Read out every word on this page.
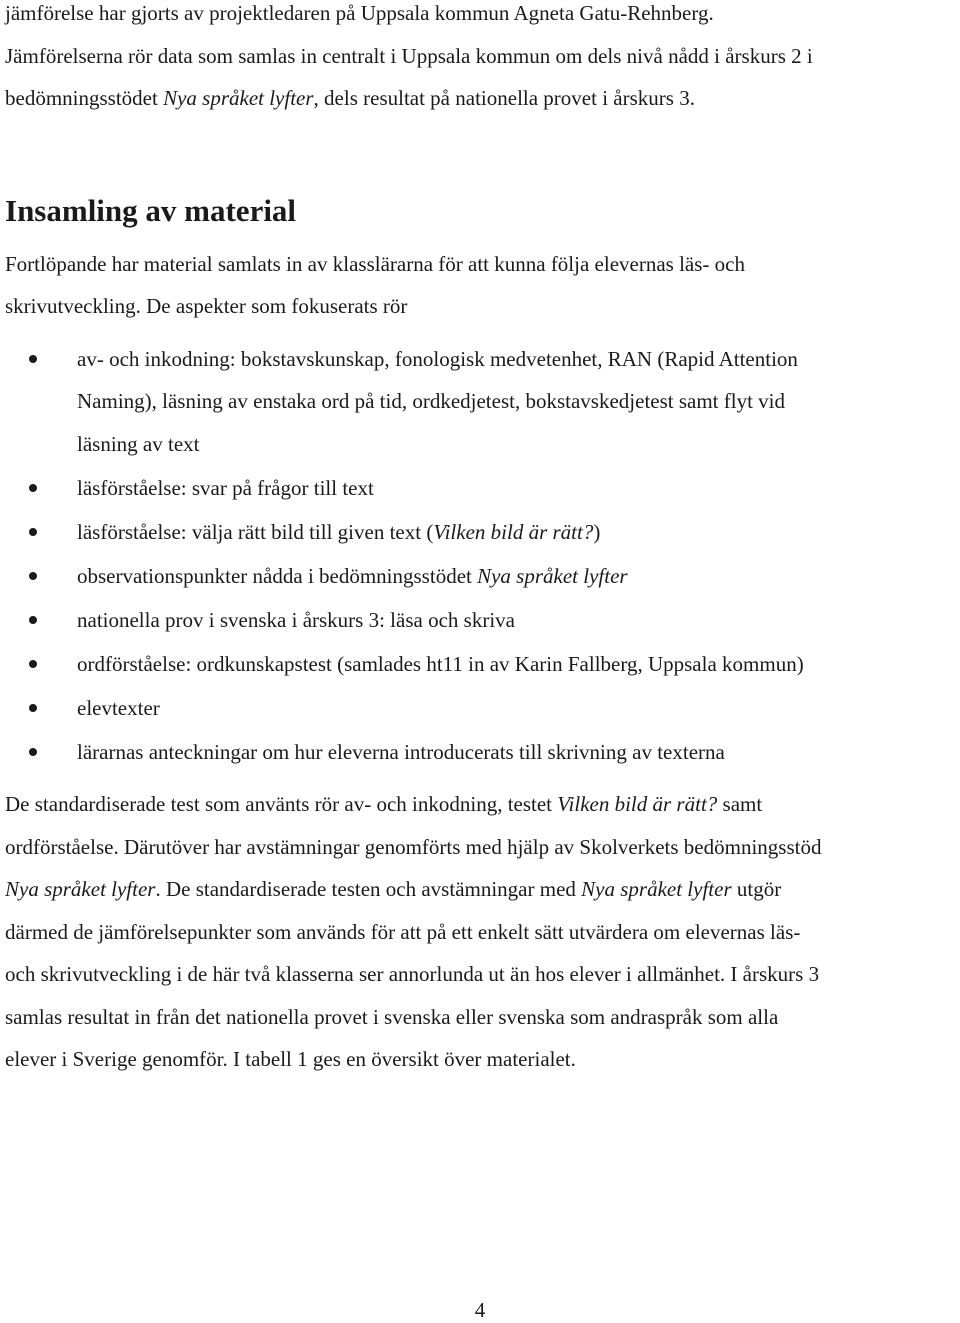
jämförelse har gjorts av projektledaren på Uppsala kommun Agneta Gatu-Rehnberg.
Jämförelserna rör data som samlas in centralt i Uppsala kommun om dels nivå nådd i årskurs 2 i
bedömningsstödet Nya språket lyfter, dels resultat på nationella provet i årskurs 3.

Insamling av material

Fortlöpande har material samlats in av klasslärarna för att kunna följa elevernas läs- och
skrivutveckling. De aspekter som fokuserats rör

av- och inkodning: bokstavskunskap, fonologisk medvetenhet, RAN (Rapid Attention
Naming), läsning av enstaka ord på tid, ordkedjetest, bokstavskedjetest samt flyt vid
läsning av text
läsförståelse: svar på frågor till text
läsförståelse: välja rätt bild till given text (Vilken bild är rätt?)
observationspunkter nådda i bedömningsstödet Nya språket lyfter
nationella prov i svenska i årskurs 3: läsa och skriva
ordförståelse: ordkunskapstest (samlades ht11 in av Karin Fallberg, Uppsala kommun)
elevtexter
lärarnas anteckningar om hur eleverna introducerats till skrivning av texterna

De standardiserade test som använts rör av- och inkodning, testet Vilken bild är rätt? samt
ordförståelse. Därutöver har avstämningar genomförts med hjälp av Skolverkets bedömningsstöd
Nya språket lyfter. De standardiserade testen och avstämningar med Nya språket lyfter utgör
därmed de jämförelsepunkter som används för att på ett enkelt sätt utvärdera om elevernas läs-
och skrivutveckling i de här två klasserna ser annorlunda ut än hos elever i allmänhet. I årskurs 3
samlas resultat in från det nationella provet i svenska eller svenska som andraspråk som alla
elever i Sverige genomför. I tabell 1 ges en översikt över materialet.

4
